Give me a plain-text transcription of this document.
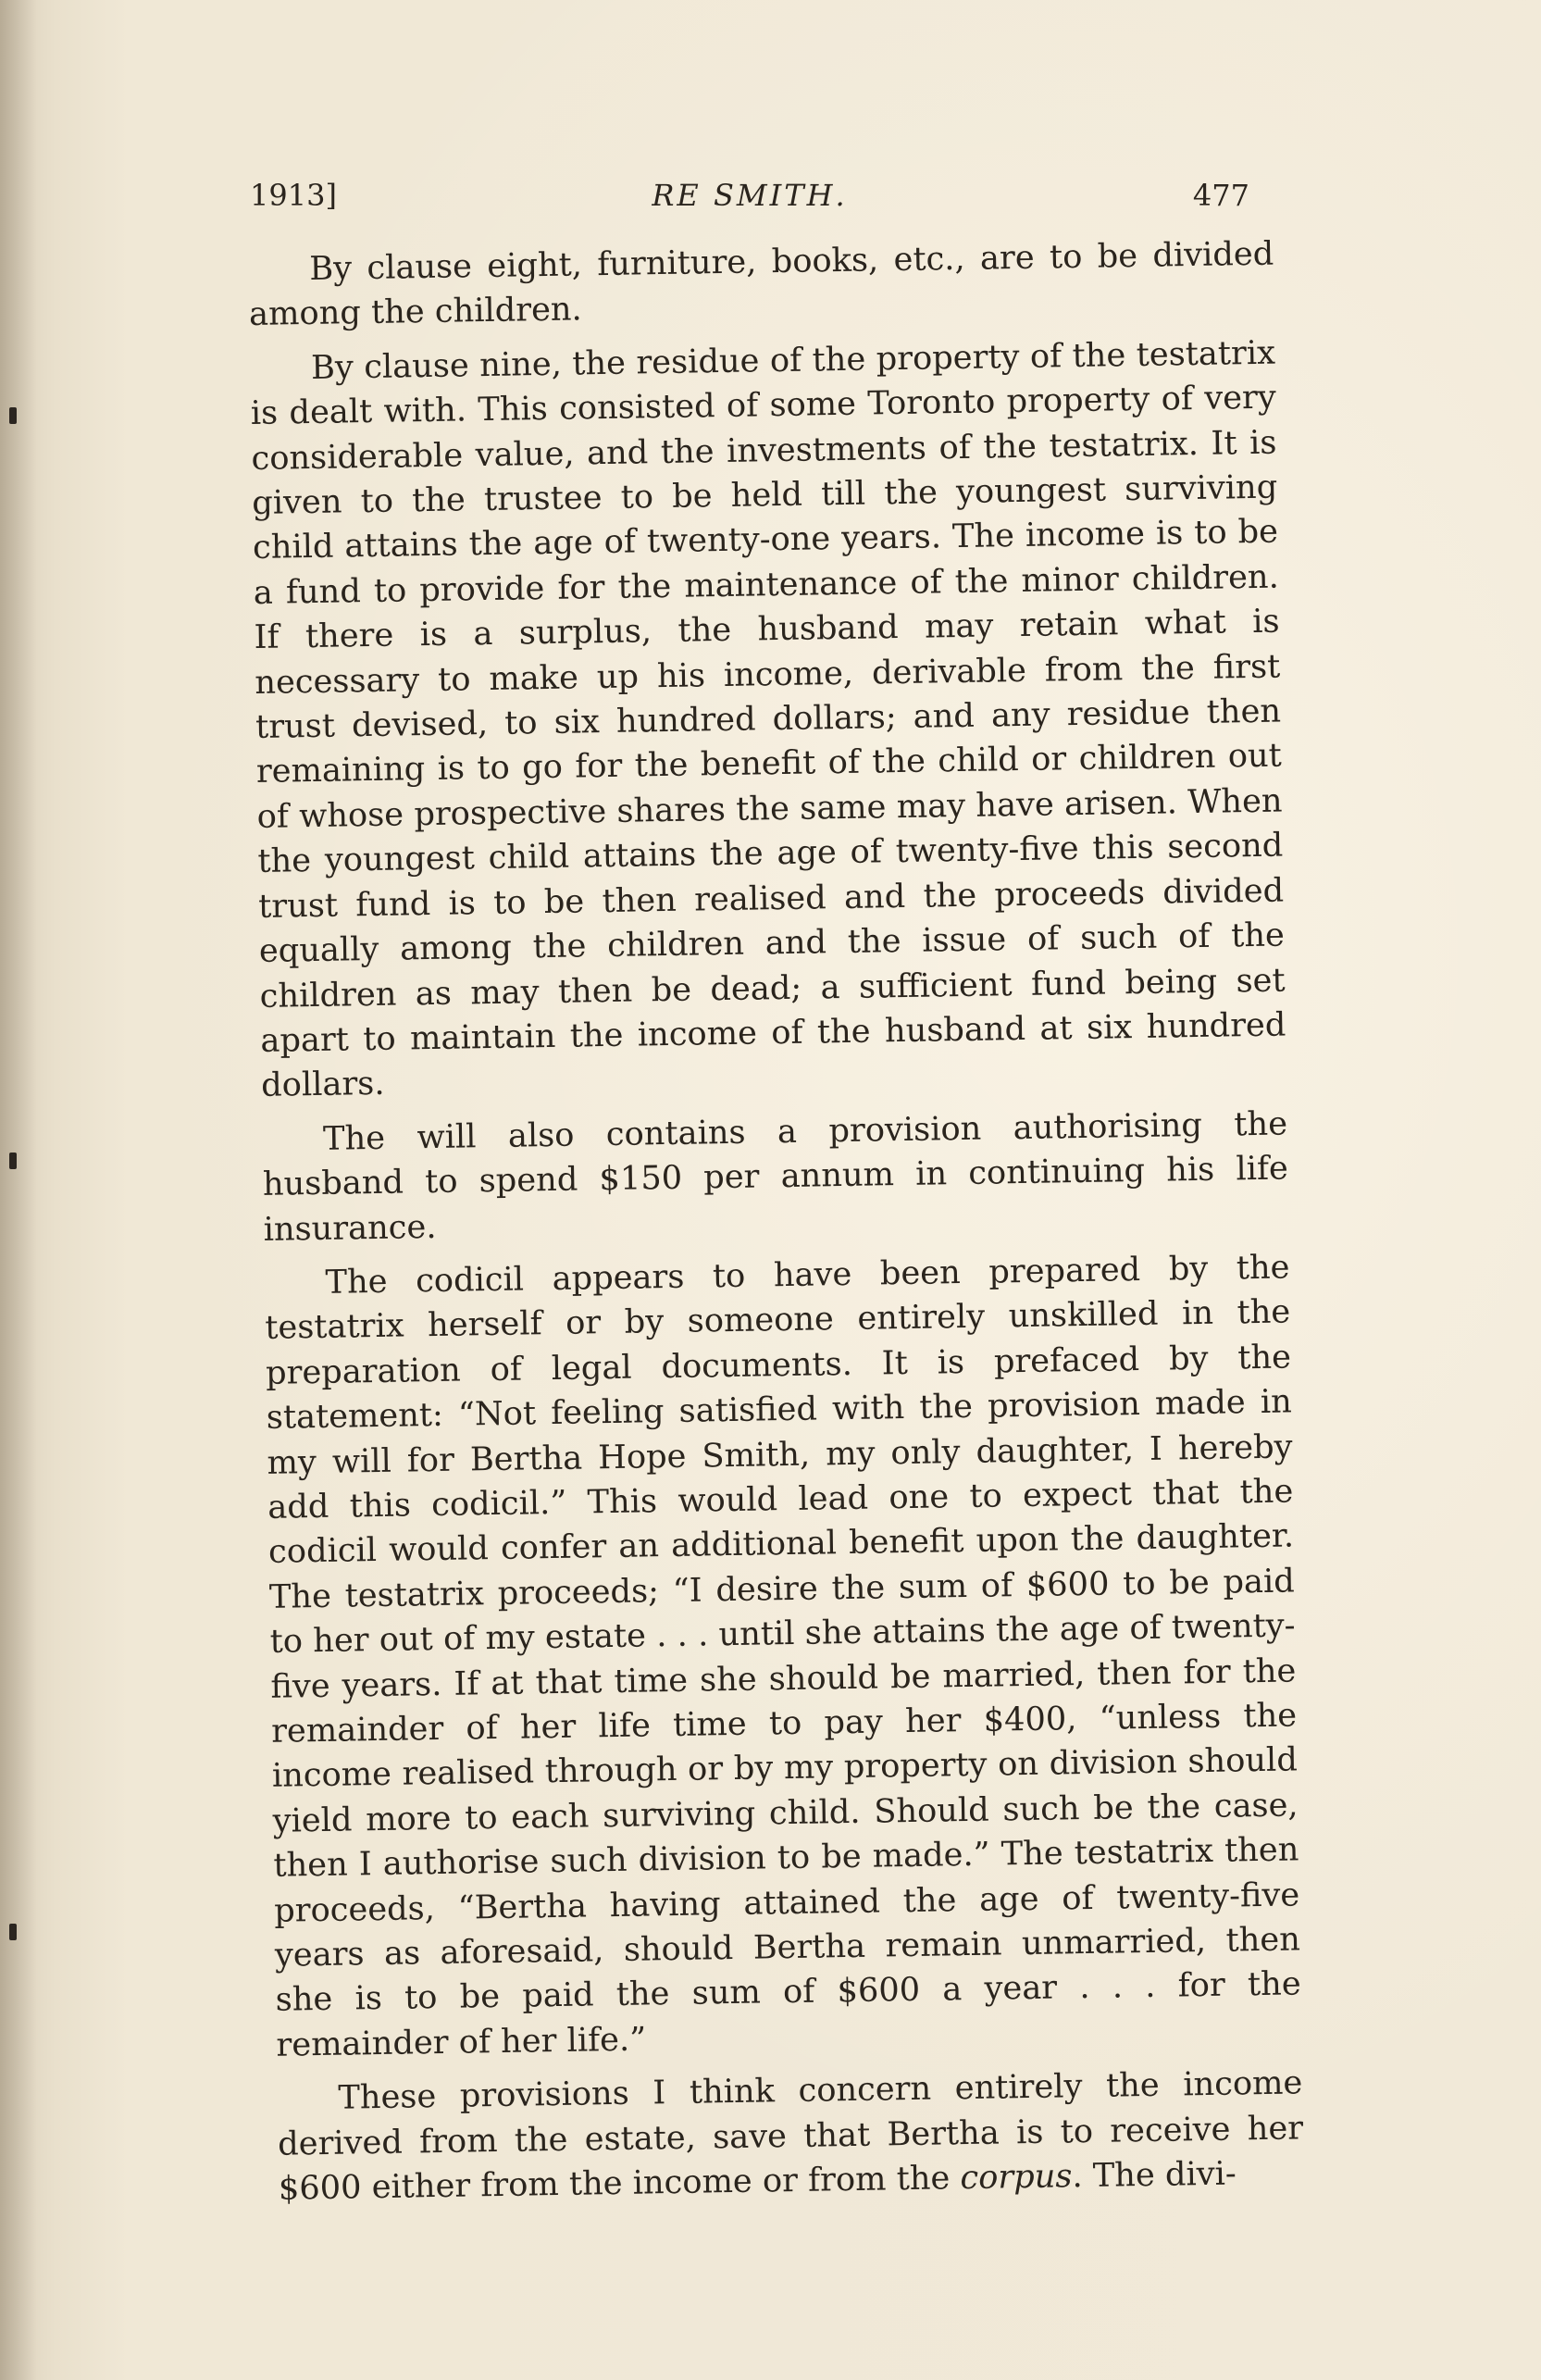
1913]	RE SMITH.	477

By clause eight, furniture, books, etc., are to be divided among the children.

By clause nine, the residue of the property of the testatrix is dealt with. This consisted of some Toronto property of very considerable value, and the investments of the testatrix. It is given to the trustee to be held till the youngest surviving child attains the age of twenty-one years. The income is to be a fund to provide for the maintenance of the minor children. If there is a surplus, the husband may retain what is necessary to make up his income, derivable from the first trust devised, to six hundred dollars; and any residue then remaining is to go for the benefit of the child or children out of whose prospective shares the same may have arisen. When the youngest child attains the age of twenty-five this second trust fund is to be then realised and the proceeds divided equally among the children and the issue of such of the children as may then be dead; a sufficient fund being set apart to maintain the income of the husband at six hundred dollars.

The will also contains a provision authorising the husband to spend $150 per annum in continuing his life insurance.

The codicil appears to have been prepared by the testatrix herself or by someone entirely unskilled in the preparation of legal documents. It is prefaced by the statement: “Not feeling satisfied with the provision made in my will for Bertha Hope Smith, my only daughter, I hereby add this codicil.” This would lead one to expect that the codicil would confer an additional benefit upon the daughter. The testatrix proceeds; “I desire the sum of $600 to be paid to her out of my estate . . . until she attains the age of twenty-five years. If at that time she should be married, then for the remainder of her life time to pay her $400, “unless the income realised through or by my property on division should yield more to each surviving child. Should such be the case, then I authorise such division to be made.” The testatrix then proceeds, “Bertha having attained the age of twenty-five years as aforesaid, should Bertha remain unmarried, then she is to be paid the sum of $600 a year . . . for the remainder of her life.”

These provisions I think concern entirely the income derived from the estate, save that Bertha is to receive her $600 either from the income or from the corpus. The divi-
